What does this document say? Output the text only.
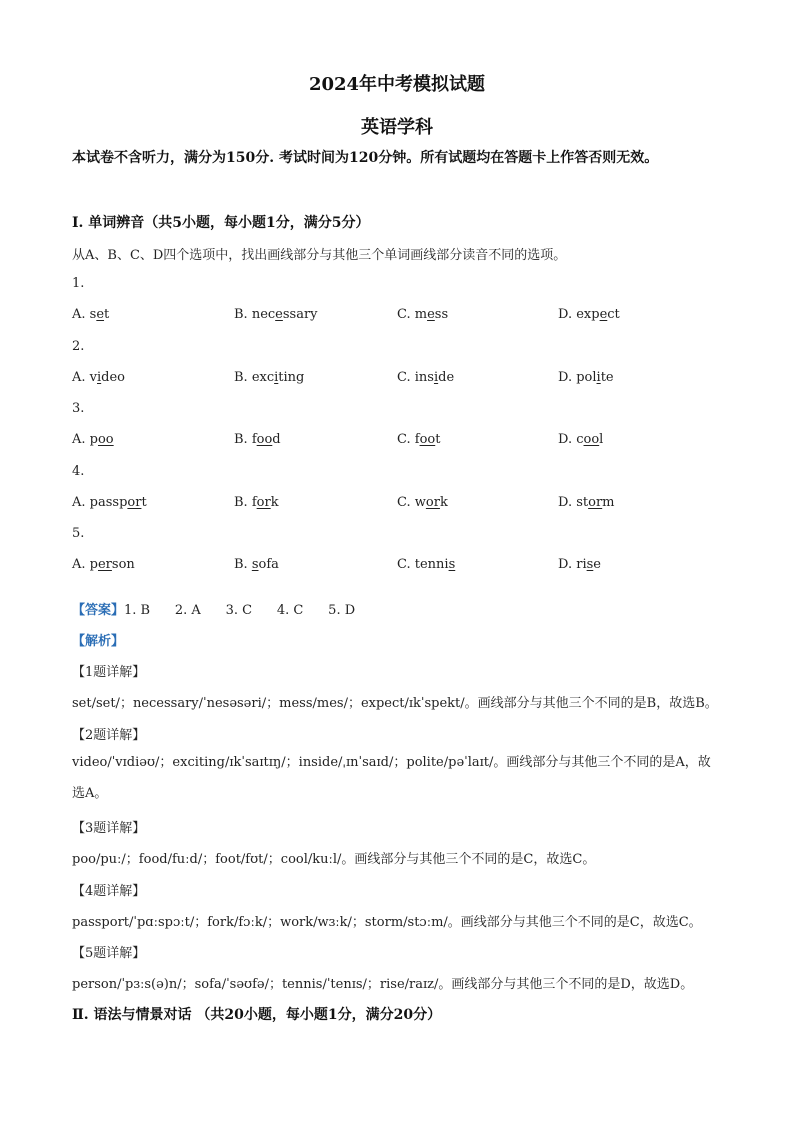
2024年中考模拟试题
英语学科
本试卷不含听力，满分为150分. 考试时间为120分钟。所有试题均在答题卡上作答否则无效。
Ⅰ. 单词辨音（共5小题，每小题1分，满分5分）
从A、B、C、D四个选项中，找出画线部分与其他三个单词画线部分读音不同的选项。
1.
A. set	B. necessary	C. mess	D. expect
2.
A. video	B. exciting	C. inside	D. polite
3.
A. poo	B. food	C. foot	D. cool
4.
A. passport	B. fork	C. work	D. storm
5.
A. person	B. sofa	C. tennis	D. rise
【答案】1. B      2. A      3. C      4. C      5. D
【解析】
【1题详解】
set/set/；necessary/ˈnesəsəri/；mess/mes/；expect/ɪkˈspekt/。画线部分与其他三个不同的是B，故选B。
【2题详解】
video/ˈvɪdiəʊ/；exciting/ɪkˈsaɪtɪŋ/；inside/ˌɪnˈsaɪd/；polite/pəˈlaɪt/。画线部分与其他三个不同的是A，故选A。
【3题详解】
poo/puː/；food/fuːd/；foot/fʊt/；cool/kuːl/。画线部分与其他三个不同的是C，故选C。
【4题详解】
passport/ˈpɑːspɔːt/；fork/fɔːk/；work/wɜːk/；storm/stɔːm/。画线部分与其他三个不同的是C，故选C。
【5题详解】
person/ˈpɜːs(ə)n/；sofa/ˈsəʊfə/；tennis/ˈtenɪs/；rise/raɪz/。画线部分与其他三个不同的是D，故选D。
Ⅱ. 语法与情景对话 （共20小题，每小题1分，满分20分）
